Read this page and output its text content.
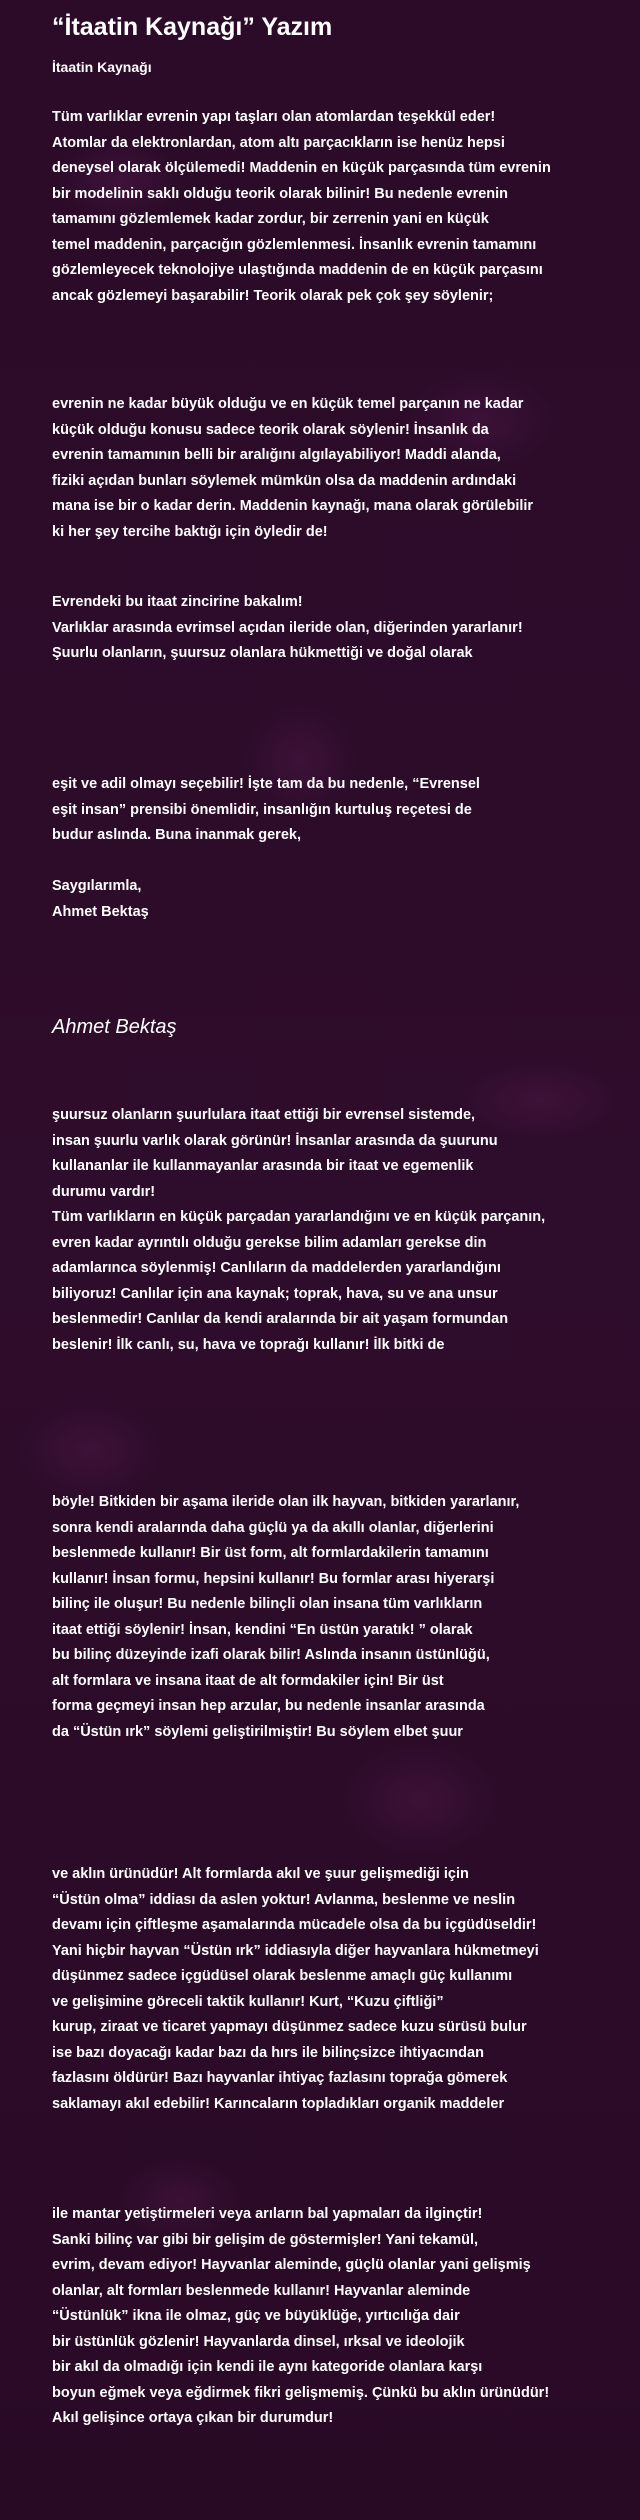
“İtaatin Kaynağı” Yazım
İtaatin Kaynağı
Tüm varlıklar evrenin yapı taşları olan atomlardan teşekkül eder!
Atomlar da elektronlardan, atom altı parçacıkların ise henüz hepsi
deneysel olarak ölçülemedi! Maddenin en küçük parçasında tüm evrenin
bir modelinin saklı olduğu teorik olarak bilinir! Bu nedenle evrenin
tamamını gözlemlemek kadar zordur, bir zerrenin yani en küçük
temel maddenin, parçacığın gözlemlenmesi. İnsanlık evrenin tamamını
gözlemleyecek teknolojiye ulaştığında maddenin de en küçük parçasını
ancak gözlemeyi başarabilir! Teorik olarak pek çok şey söylenir;
evrenin ne kadar büyük olduğu ve en küçük temel parçanın ne kadar
küçük olduğu konusu sadece teorik olarak söylenir! İnsanlık da
evrenin tamamının belli bir aralığını algılayabiliyor! Maddi alanda,
fiziki açıdan bunları söylemek mümkün olsa da maddenin ardındaki
mana ise bir o kadar derin. Maddenin kaynağı, mana olarak görülebilir
ki her şey tercihe baktığı için öyledir de!
Evrendeki bu itaat zincirine bakalım!
Varlıklar arasında evrimsel açıdan ileride olan, diğerinden yararlanır!
Şuurlu olanların, şuursuz olanlara hükmettiği ve doğal olarak
eşit ve adil olmayı seçebilir! İşte tam da bu nedenle, “Evrensel
eşit insan” prensibi önemlidir, insanlığın kurtuluş reçetesi de
budur aslında. Buna inanmak gerek,
Saygılarımla,
Ahmet Bektaş
Ahmet Bektaş
şuursuz olanların şuurlulara itaat ettiği bir evrensel sistemde,
insan şuurlu varlık olarak görünür! İnsanlar arasında da şuurunu
kullananlar ile kullanmayanlar arasında bir itaat ve egemenlik
durumu vardır!
Tüm varlıkların en küçük parçadan yararlandığını ve en küçük parçanın,
evren kadar ayrıntılı olduğu gerekse bilim adamları gerekse din
adamlarınca söylenmiş! Canlıların da maddelerden yararlandığını
biliyoruz! Canlılar için ana kaynak; toprak, hava, su ve ana unsur
beslenmedir! Canlılar da kendi aralarında bir ait yaşam formundan
beslenir! İlk canlı, su, hava ve toprağı kullanır! İlk bitki de
böyle! Bitkiden bir aşama ileride olan ilk hayvan, bitkiden yararlanır,
sonra kendi aralarında daha güçlü ya da akıllı olanlar, diğerlerini
beslenmede kullanır! Bir üst form, alt formlardakilerin tamamını
kullanır! İnsan formu, hepsini kullanır! Bu formlar arası hiyerarşi
bilinç ile oluşur! Bu nedenle bilinçli olan insana tüm varlıkların
itaat ettiği söylenir! İnsan, kendini “En üstün yaratık! ” olarak
bu bilinç düzeyinde izafi olarak bilir! Aslında insanın üstünlüğü,
alt formlara ve insana itaat de alt formdakiler için! Bir üst
forma geçmeyi insan hep arzular, bu nedenle insanlar arasında
da “Üstün ırk” söylemi geliştirilmiştir! Bu söylem elbet şuur
ve aklın ürünüdür! Alt formlarda akıl ve şuur gelişmediği için
“Üstün olma” iddiası da aslen yoktur! Avlanma, beslenme ve neslin
devamı için çiftleşme aşamalarında mücadele olsa da bu içgüdüseldir!
Yani hiçbir hayvan “Üstün ırk” iddiasıyla diğer hayvanlara hükmetmeyi
düşünmez sadece içgüdüsel olarak beslenme amaçlı güç kullanımı
ve gelişimine göreceli taktik kullanır! Kurt, “Kuzu çiftliği”
kurup, ziraat ve ticaret yapmayı düşünmez sadece kuzu sürüsü bulur
ise bazı doyacağı kadar bazı da hırs ile bilinçsizce ihtiyacından
fazlasını öldürür! Bazı hayvanlar ihtiyaç fazlasını toprağa gömerek
saklamayı akıl edebilir! Karıncaların topladıkları organik maddeler
ile mantar yetiştirmeleri veya arıların bal yapmaları da ilginçtir!
Sanki bilinç var gibi bir gelişim de göstermişler! Yani tekamül,
evrim, devam ediyor! Hayvanlar aleminde, güçlü olanlar yani gelişmiş
olanlar, alt formları beslenmede kullanır! Hayvanlar aleminde
“Üstünlük” ikna ile olmaz, güç ve büyüklüğe, yırtıcılığa dair
bir üstünlük gözlenir! Hayvanlarda dinsel, ırksal ve ideolojik
bir akıl da olmadığı için kendi ile aynı kategoride olanlara karşı
boyun eğmek veya eğdirmek fikri gelişmemiş. Çünkü bu aklın ürünüdür!
Akıl gelişince ortaya çıkan bir durumdur!
